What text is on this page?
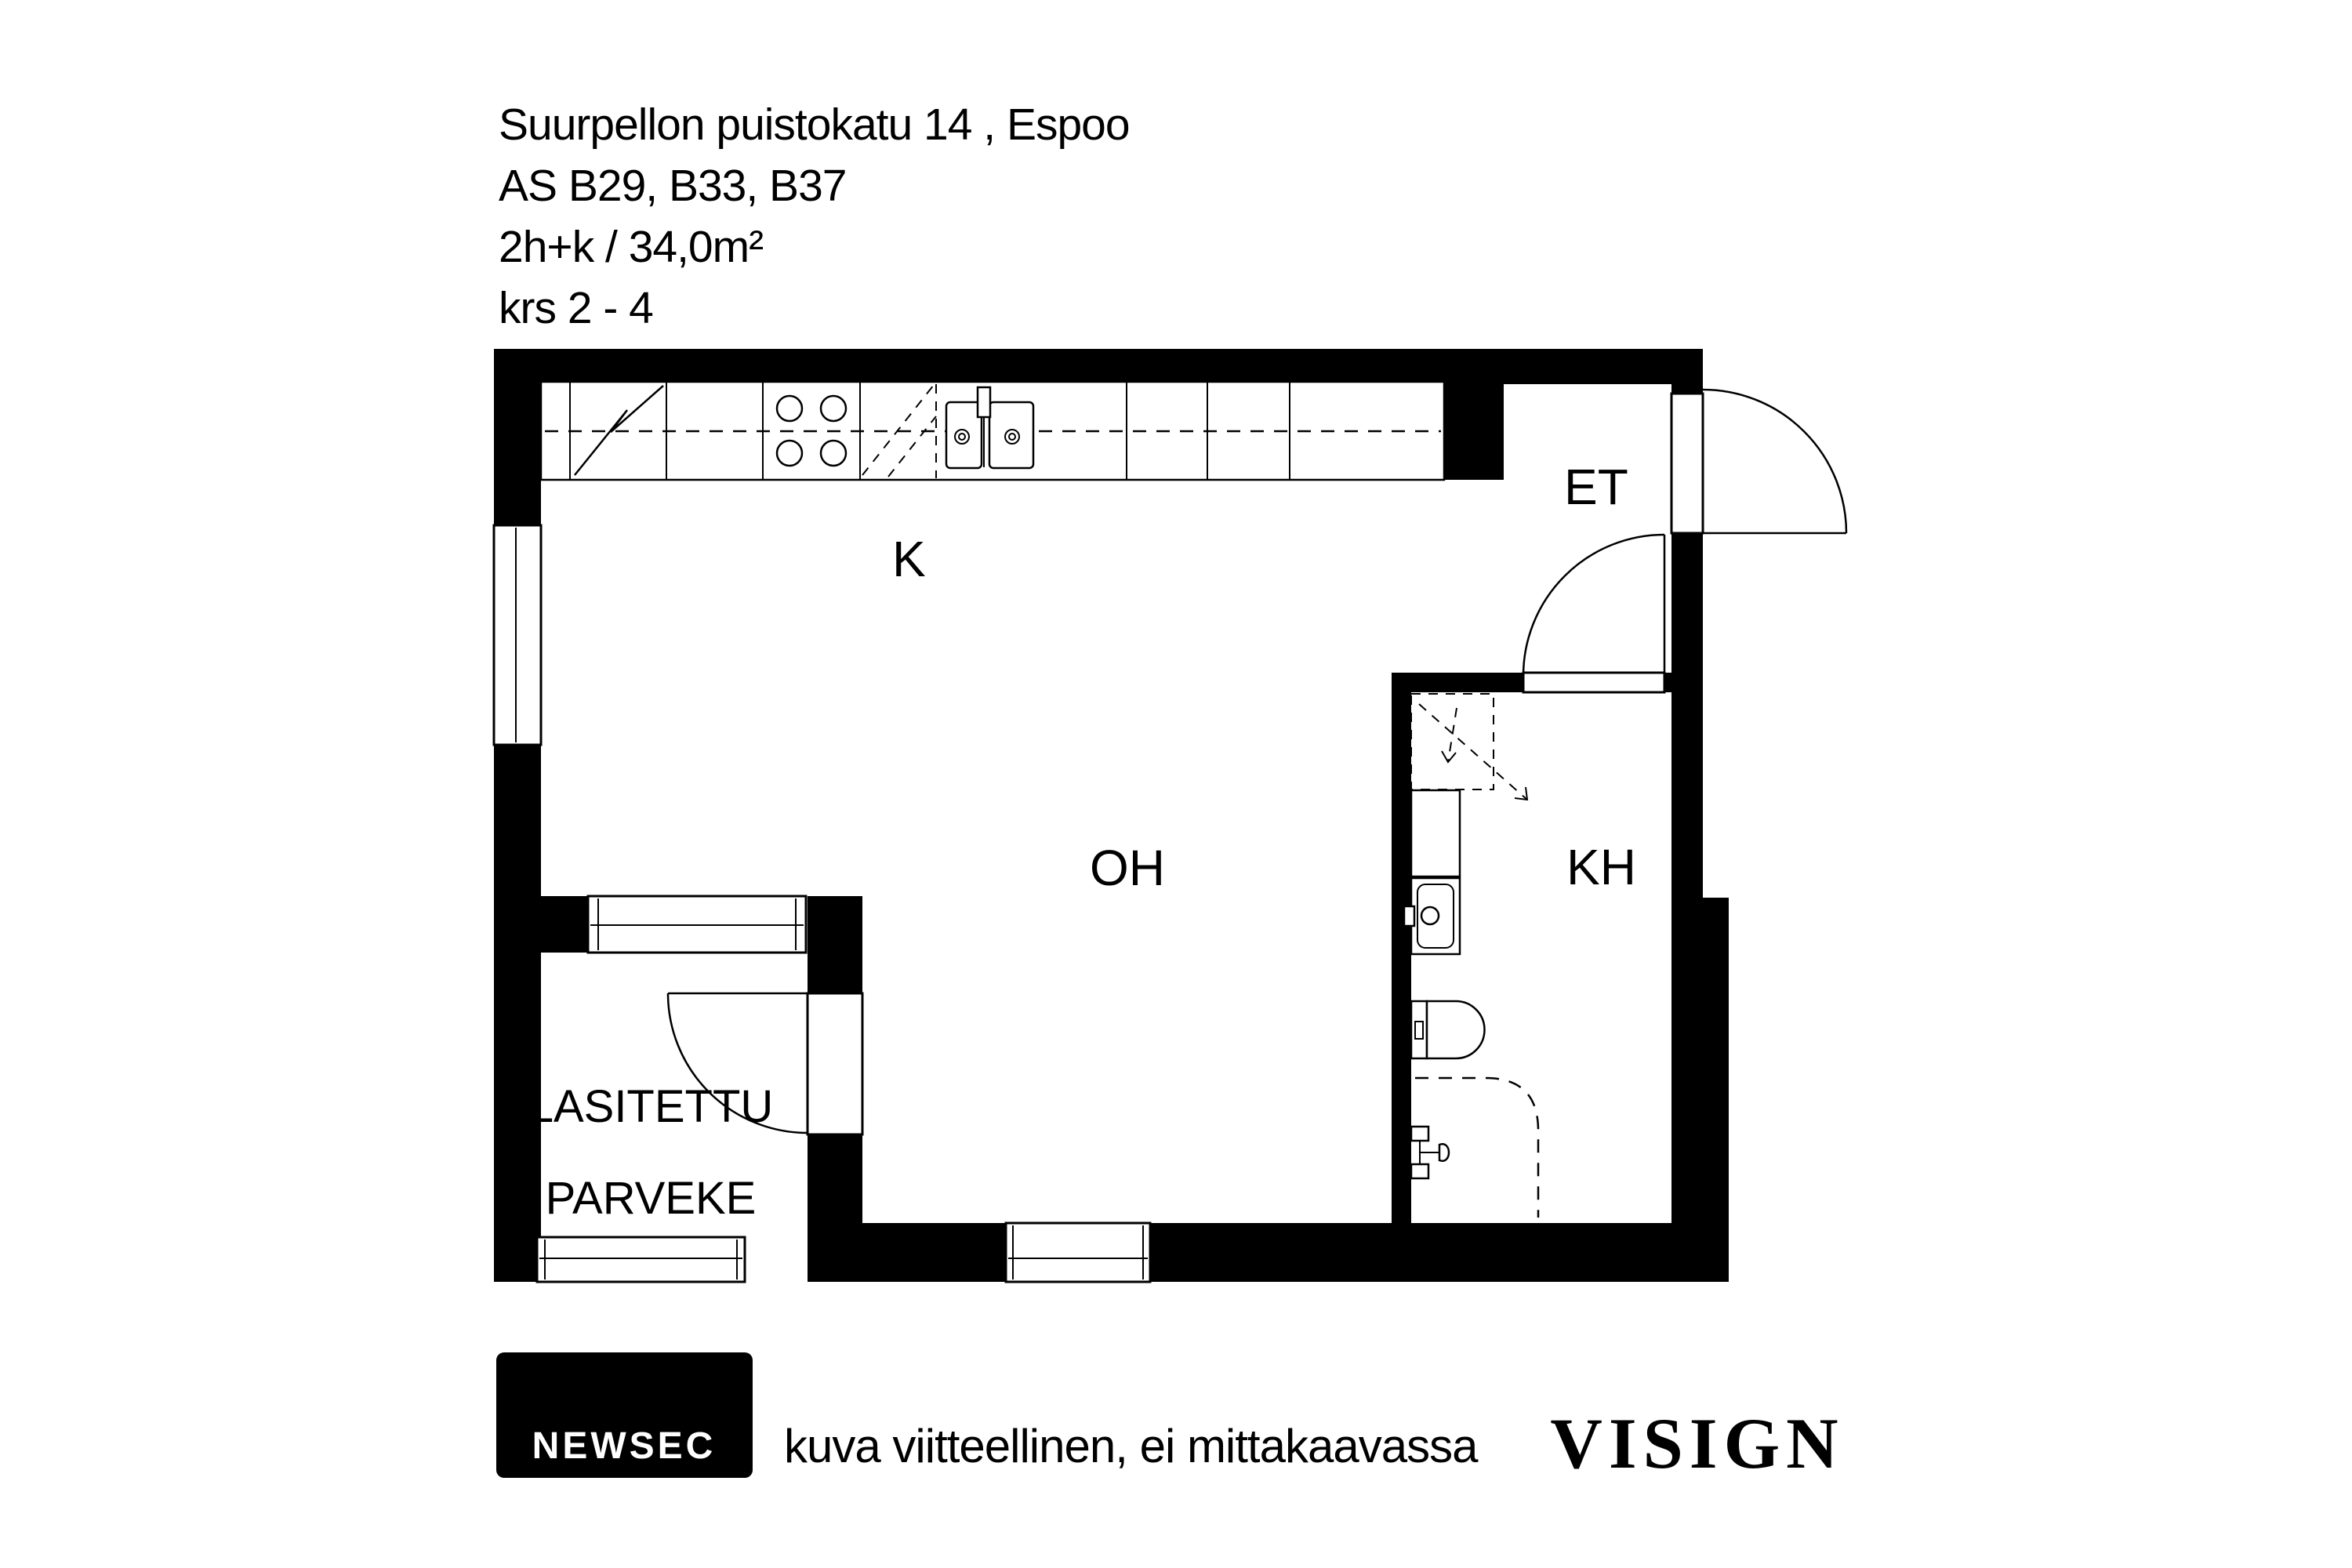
Suurpellon puistokatu 14 , Espoo
AS B29, B33, B37
2h+k / 34,0m²
krs 2 - 4
K
OH	KH
ET
LASITETTU
PARVEKE
NEWSEC kuva viitteellinen, ei mittakaavassa VISIGN
